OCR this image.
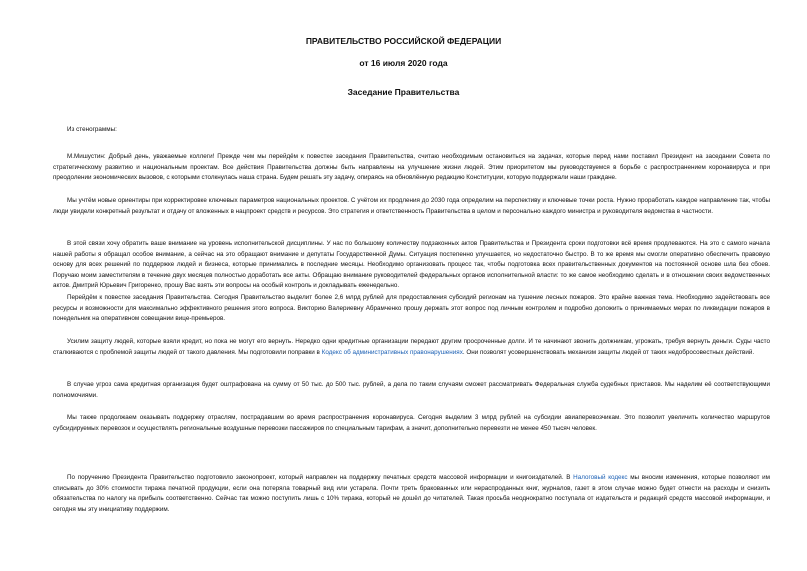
ПРАВИТЕЛЬСТВО РОССИЙСКОЙ ФЕДЕРАЦИИ

от 16 июля 2020 года

Заседание Правительства

Из стенограммы:

М.Мишустин: Добрый день, уважаемые коллеги! Прежде чем мы перейдём к повестке заседания Правительства, считаю необходимым остановиться на задачах, которые перед нами поставил Президент на заседании Совета по стратегическому развитию и национальным проектам. Все действия Правительства должны быть направлены на улучшение жизни людей. Этим приоритетом мы руководствуемся в борьбе с распространением коронавируса и при преодолении экономических вызовов, с которыми столкнулась наша страна. Будем решать эту задачу, опираясь на обновлённую редакцию Конституции, которую поддержали наши граждане.

Мы учтём новые ориентиры при корректировке ключевых параметров национальных проектов. С учётом их продления до 2030 года определим на перспективу и ключевые точки роста. Нужно проработать каждое направление так, чтобы люди увидели конкретный результат и отдачу от вложенных в нацпроект средств и ресурсов. Это стратегия и ответственность Правительства в целом и персонально каждого министра и руководителя ведомства в частности.

В этой связи хочу обратить ваше внимание на уровень исполнительской дисциплины. У нас по большому количеству подзаконных актов Правительства и Президента сроки подготовки всё время продлеваются. На это с самого начала нашей работы я обращал особое внимание, а сейчас на это обращают внимание и депутаты Государственной Думы. Ситуация постепенно улучшается, но недостаточно быстро. В то же время мы смогли оперативно обеспечить правовую основу для всех решений по поддержке людей и бизнеса, которые принимались в последние месяцы. Необходимо организовать процесс так, чтобы подготовка всех правительственных документов на постоянной основе шла без сбоев. Поручаю моим заместителям в течение двух месяцев полностью доработать все акты. Обращаю внимание руководителей федеральных органов исполнительной власти: то же самое необходимо сделать и в отношении своих ведомственных актов. Дмитрий Юрьевич Григоренко, прошу Вас взять эти вопросы на особый контроль и докладывать еженедельно.

Перейдём к повестке заседания Правительства. Сегодня Правительство выделит более 2,6 млрд рублей для предоставления субсидий регионам на тушение лесных пожаров. Это крайне важная тема. Необходимо задействовать все ресурсы и возможности для максимально эффективного решения этого вопроса. Викторию Валериевну Абрамченко прошу держать этот вопрос под личным контролем и подробно доложить о принимаемых мерах по ликвидации пожаров в понедельник на оперативном совещании вице-премьеров.

Усилим защиту людей, которые взяли кредит, но пока не могут его вернуть. Нередко одни кредитные организации передают другим просроченные долги. И те начинают звонить должникам, угрожать, требуя вернуть деньги. Суды часто сталкиваются с проблемой защиты людей от такого давления. Мы подготовили поправки в Кодекс об административных правонарушениях. Они позволят усовершенствовать механизм защиты людей от таких недобросовестных действий.

В случае угроз сама кредитная организация будет оштрафована на сумму от 50 тыс. до 500 тыс. рублей, а дела по таким случаям сможет рассматривать Федеральная служба судебных приставов. Мы наделим её соответствующими полномочиями.

Мы также продолжаем оказывать поддержку отраслям, пострадавшим во время распространения коронавируса. Сегодня выделим 3 млрд рублей на субсидии авиаперевозчикам. Это позволит увеличить количество маршрутов субсидируемых перевозок и осуществлять региональные воздушные перевозки пассажиров по специальным тарифам, а значит, дополнительно перевезти не менее 450 тысяч человек.

По поручению Президента Правительство подготовило законопроект, который направлен на поддержку печатных средств массовой информации и книгоиздателей. В Налоговый кодекс мы вносим изменения, которые позволяют им списывать до 30% стоимости тиража печатной продукции, если она потеряла товарный вид или устарела. Почти треть бракованных или нераспроданных книг, журналов, газет в этом случае можно будет отнести на расходы и снизить обязательства по налогу на прибыль соответственно. Сейчас так можно поступить лишь с 10% тиража, который не дошёл до читателей. Такая просьба неоднократно поступала от издательств и редакций средств массовой информации, и сегодня мы эту инициативу поддержим.
